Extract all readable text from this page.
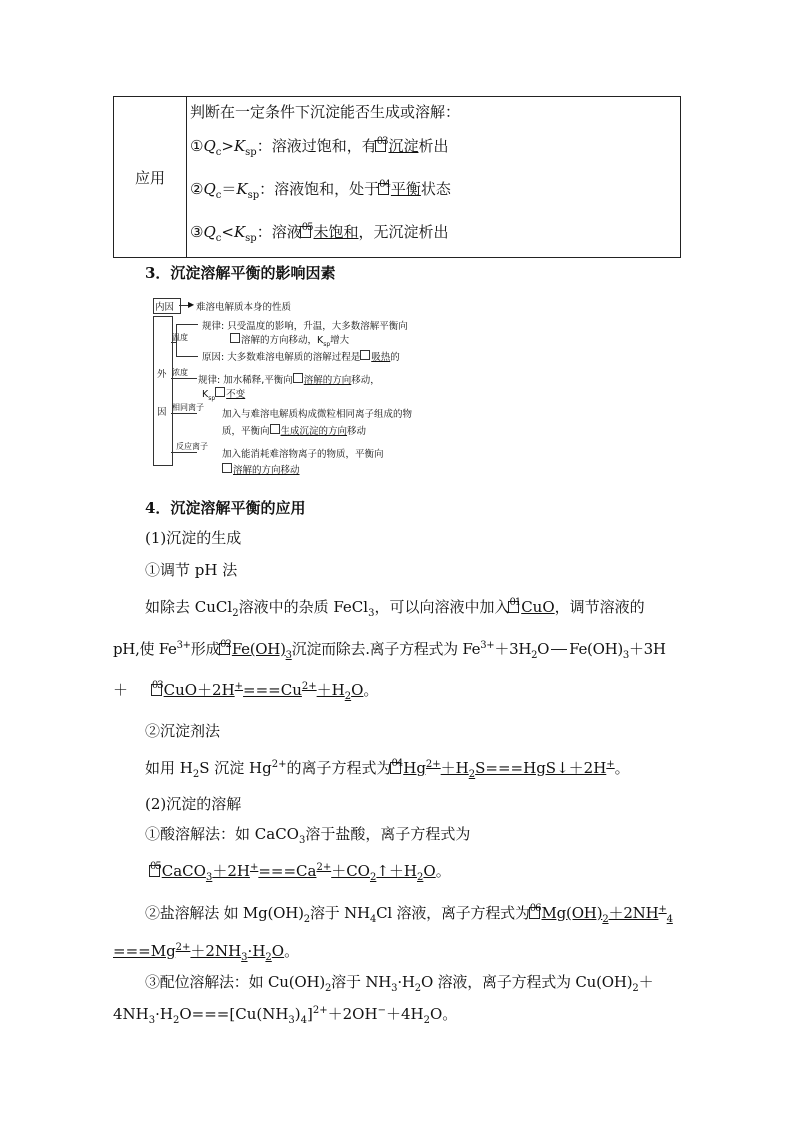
应用
判断在一定条件下沉淀能否生成或溶解：
$①Q_c>K_{sp}$：溶液过饱和，有$^{03}$沉淀析出
$②Q_c=K_{sp}$：溶液饱和，处于$^{04}$平衡状态
$③Q_c<K_{sp}$：溶液$^{05}$未饱和，无沉淀析出
3．沉淀溶解平衡的影响因素
内因 ▶ 难溶电解质本身的性质
外
因
温度
规律: 只受温度的影响，升温，大多数溶解平衡向
溶解的方向移动，$K_{sp}$增大
原因: 大多数难溶电解质的溶解过程是 吸热的
浓度
规律: 加水稀释,平衡向 溶解的方向移动，
$K_{sp}$ 不变
相同离子
加入与难溶电解质构成微粒相同离子组成的物
质，平衡向 生成沉淀的方向移动
反应离子
加入能消耗难溶物离子的物质，平衡向
溶解的方向移动
4．沉淀溶解平衡的应用
(1)沉淀的生成
①调节 pH 法
如除去 CuCl$_2$溶液中的杂质 FeCl$_3$，可以向溶液中加入$^{01}$CuO，调节溶液的
pH,使 $Fe^{3+}$形成$^{02}Fe(OH)_3$沉淀而除去.离子方程式为 $Fe^{3+}+3H_2O$ $Fe(OH)_3+3H$
＋ $^{03}CuO+2H^+===Cu^{2+}+H_2O$。
②沉淀剂法
如用 $H_2S$ 沉淀 $Hg^{2+}$的离子方程式为$^{04}Hg^{2+}+H_2S===HgS↓+2H^+$。
(2)沉淀的溶解
①酸溶解法：如 CaCO$_3$溶于盐酸，离子方程式为
$^{05}CaCO_3+2H^+===Ca^{2+}+CO_2↑+H_2O$。
②盐溶解法 如 $Mg(OH)_2$溶于 $NH_4Cl$ 溶液，离子方程式为$^{06}Mg(OH)_2+2NH^+_4$
$===Mg^{2+}+2NH_3\cdot H_2O$。
③配位溶解法：如 $Cu(OH)_2$溶于 $NH_3\cdot H_2O$ 溶液，离子方程式为 $Cu(OH)_2+$
$4NH_3\cdot H_2O===[Cu(NH_3)_4]^{2+}+2OH^-+4H_2O$。
